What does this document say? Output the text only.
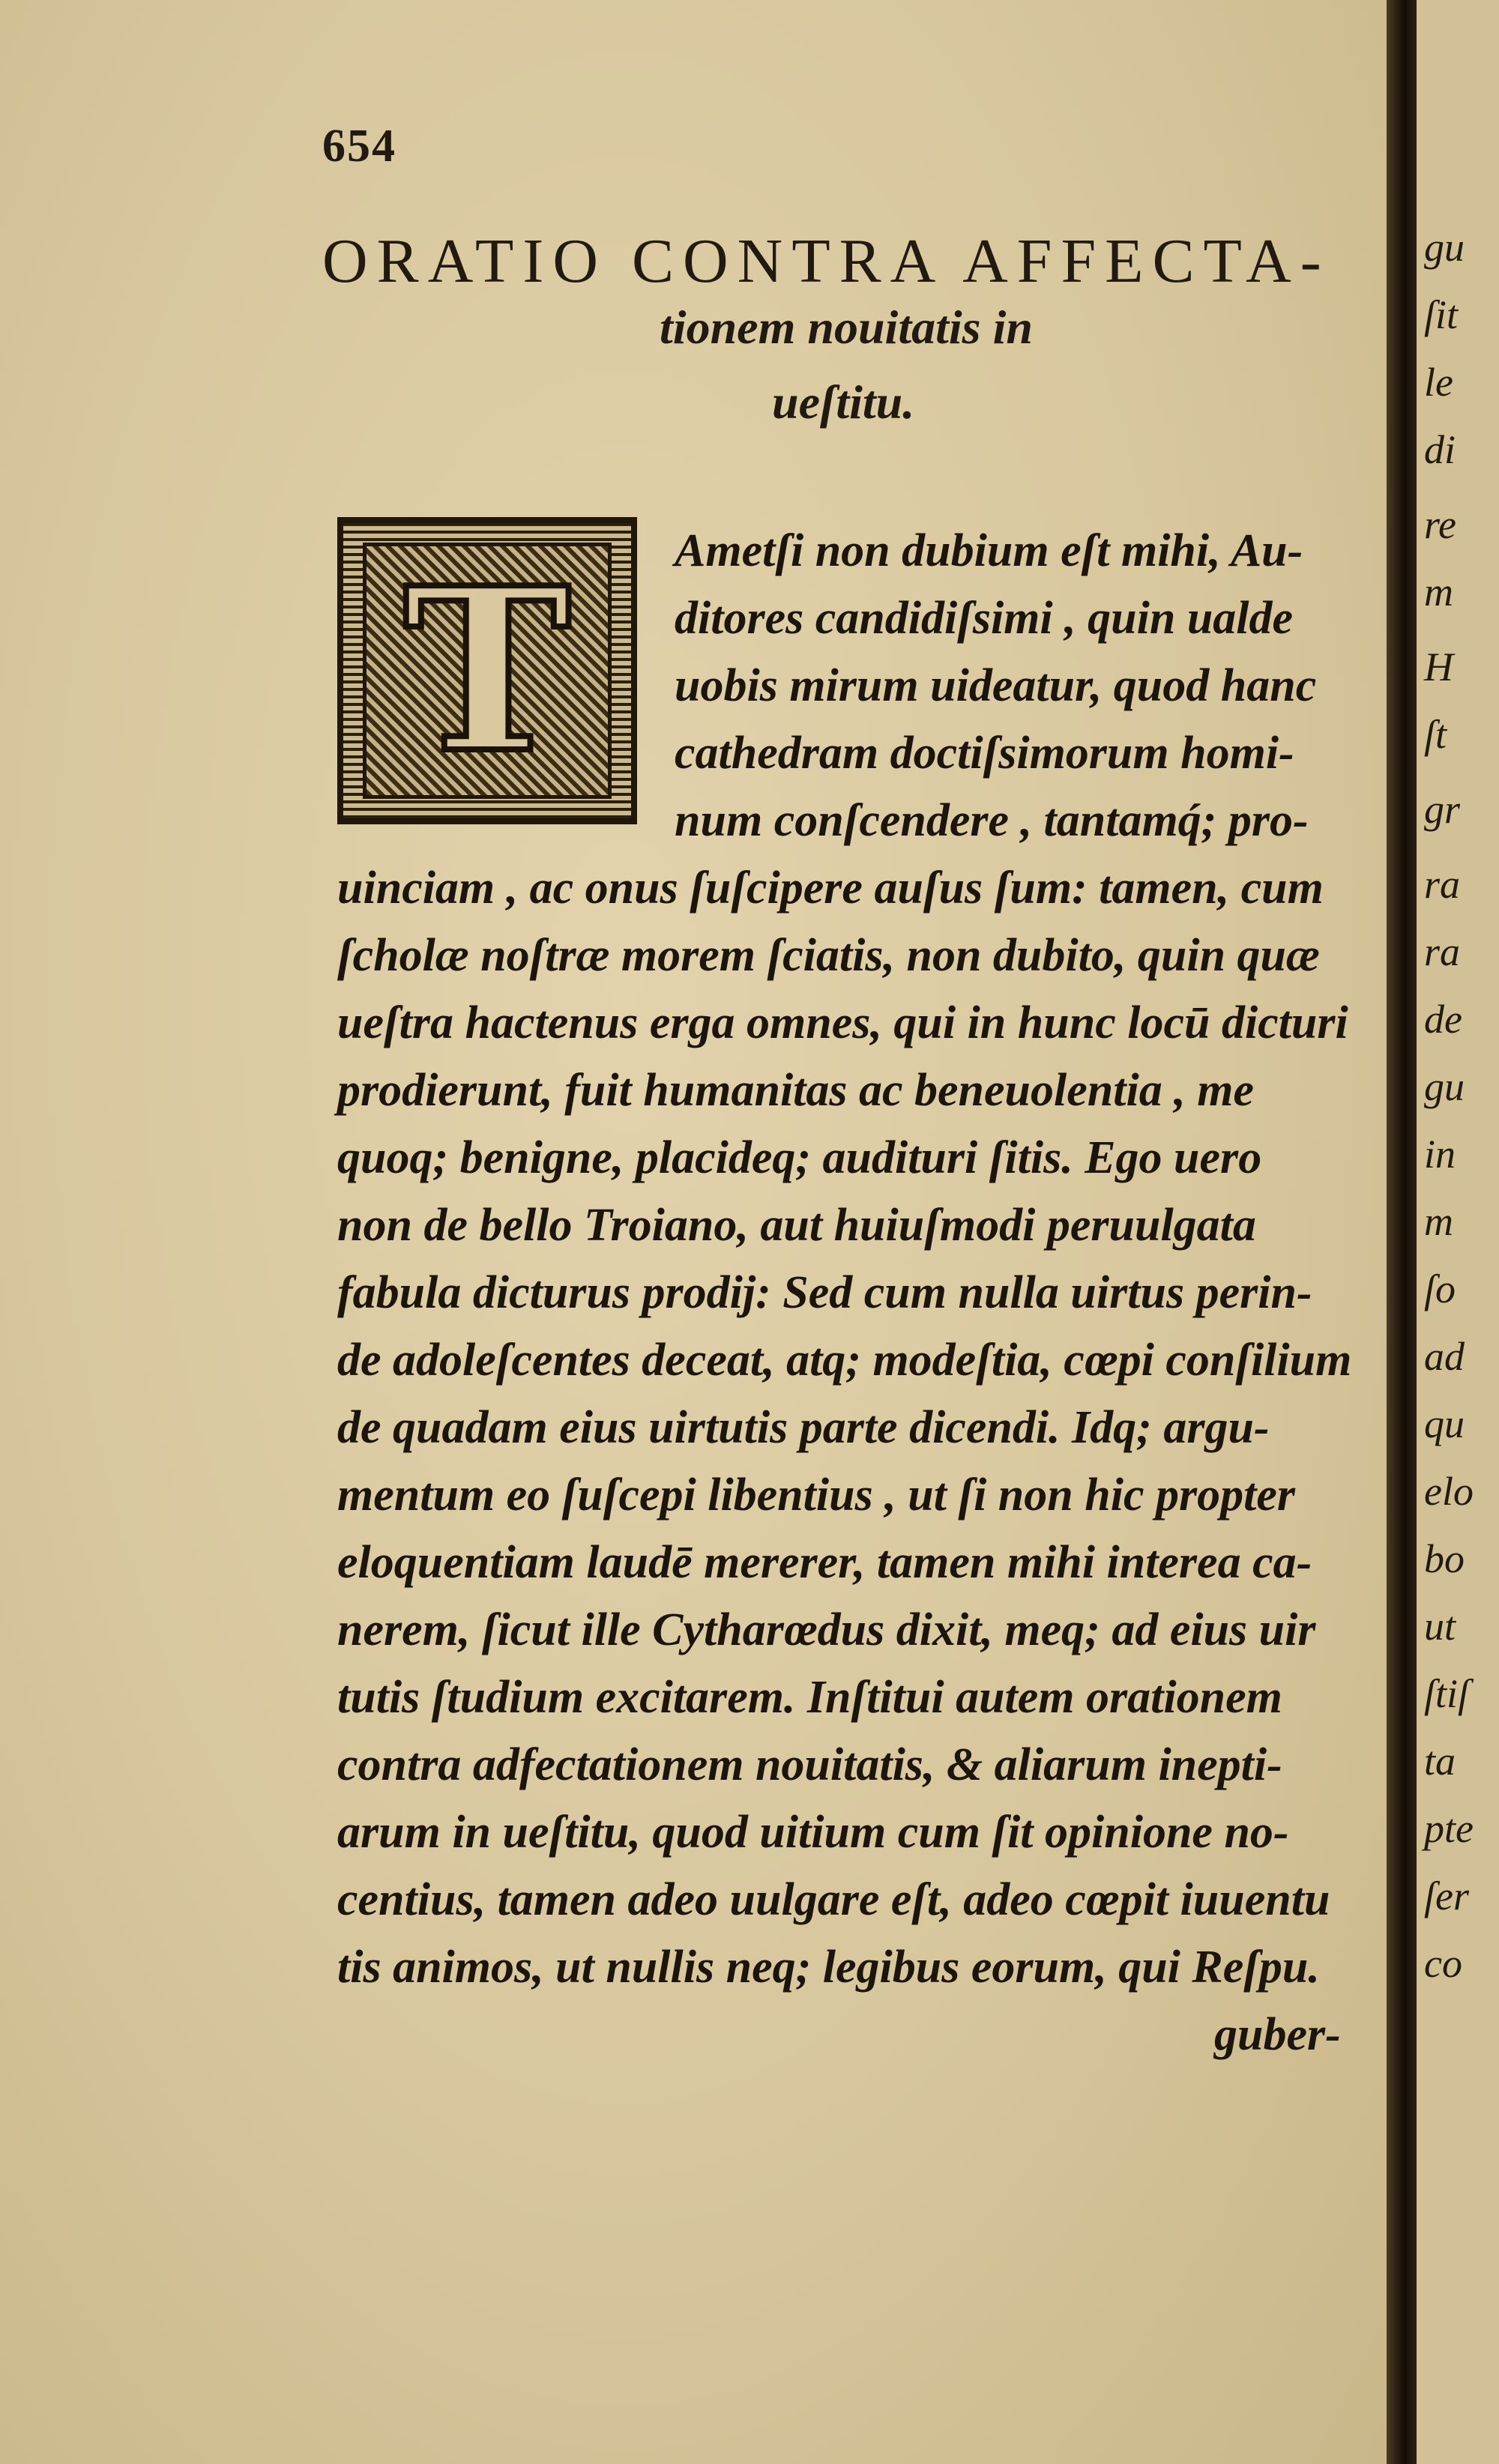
654
ORATIO CONTRA AFFECTA-
tionem nouitatis in
ueſtitu.
T Ametſi non dubium eſt mihi, Au-
ditores candidiſsimi , quin ualde
uobis mirum uideatur, quod hanc
cathedram doctiſsimorum homi-
num conſcendere , tantamq́; pro-
uinciam , ac onus ſuſcipere auſus ſum: tamen, cum
ſcholæ noſtræ morem ſciatis, non dubito, quin quæ
ueſtra hactenus erga omnes, qui in hunc locū dicturi
prodierunt, fuit humanitas ac beneuolentia , me
quoq; benigne, placideq; audituri ſitis. Ego uero
non de bello Troiano, aut huiuſmodi peruulgata
fabula dicturus prodij: Sed cum nulla uirtus perin-
de adoleſcentes deceat, atq; modeſtia, cœpi conſilium
de quadam eius uirtutis parte dicendi. Idq; argu-
mentum eo ſuſcepi libentius , ut ſi non hic propter
eloquentiam laudē mererer, tamen mihi interea ca-
nerem, ſicut ille Cytharœdus dixit, meq; ad eius uir
tutis ſtudium excitarem. Inſtitui autem orationem
contra adfectationem nouitatis, & aliarum inepti-
arum in ueſtitu, quod uitium cum ſit opinione no-
centius, tamen adeo uulgare eſt, adeo cœpit iuuentu
tis animos, ut nullis neq; legibus eorum, qui Reſpu.
guber-
gu
ſit
le
di
re
m
H
ſt
gr
ra
ra
de
gu
in
m
ſo
ad
qu
elo
bo
ut
ſtiſ
ta
pte
ſer
co
